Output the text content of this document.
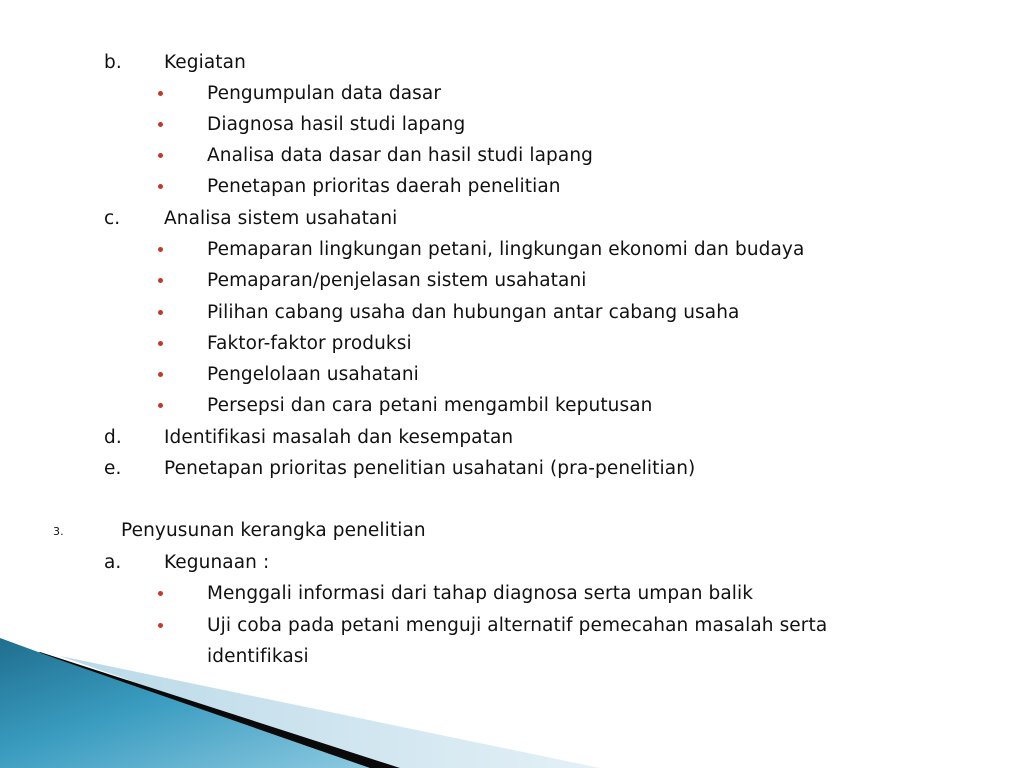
b. Kegiatan
Pengumpulan data dasar
Diagnosa hasil studi lapang
Analisa data dasar dan hasil studi lapang
Penetapan prioritas daerah penelitian
c. Analisa sistem usahatani
Pemaparan lingkungan petani, lingkungan ekonomi dan budaya
Pemaparan/penjelasan sistem usahatani
Pilihan cabang usaha dan hubungan antar cabang usaha
Faktor-faktor produksi
Pengelolaan usahatani
Persepsi dan cara petani mengambil keputusan
d. Identifikasi masalah dan kesempatan
e. Penetapan prioritas penelitian usahatani (pra-penelitian)
3.	Penyusunan kerangka penelitian
a. Kegunaan :
Menggali informasi dari tahap diagnosa serta umpan balik
Uji coba pada petani menguji alternatif pemecahan masalah serta
identifikasi
